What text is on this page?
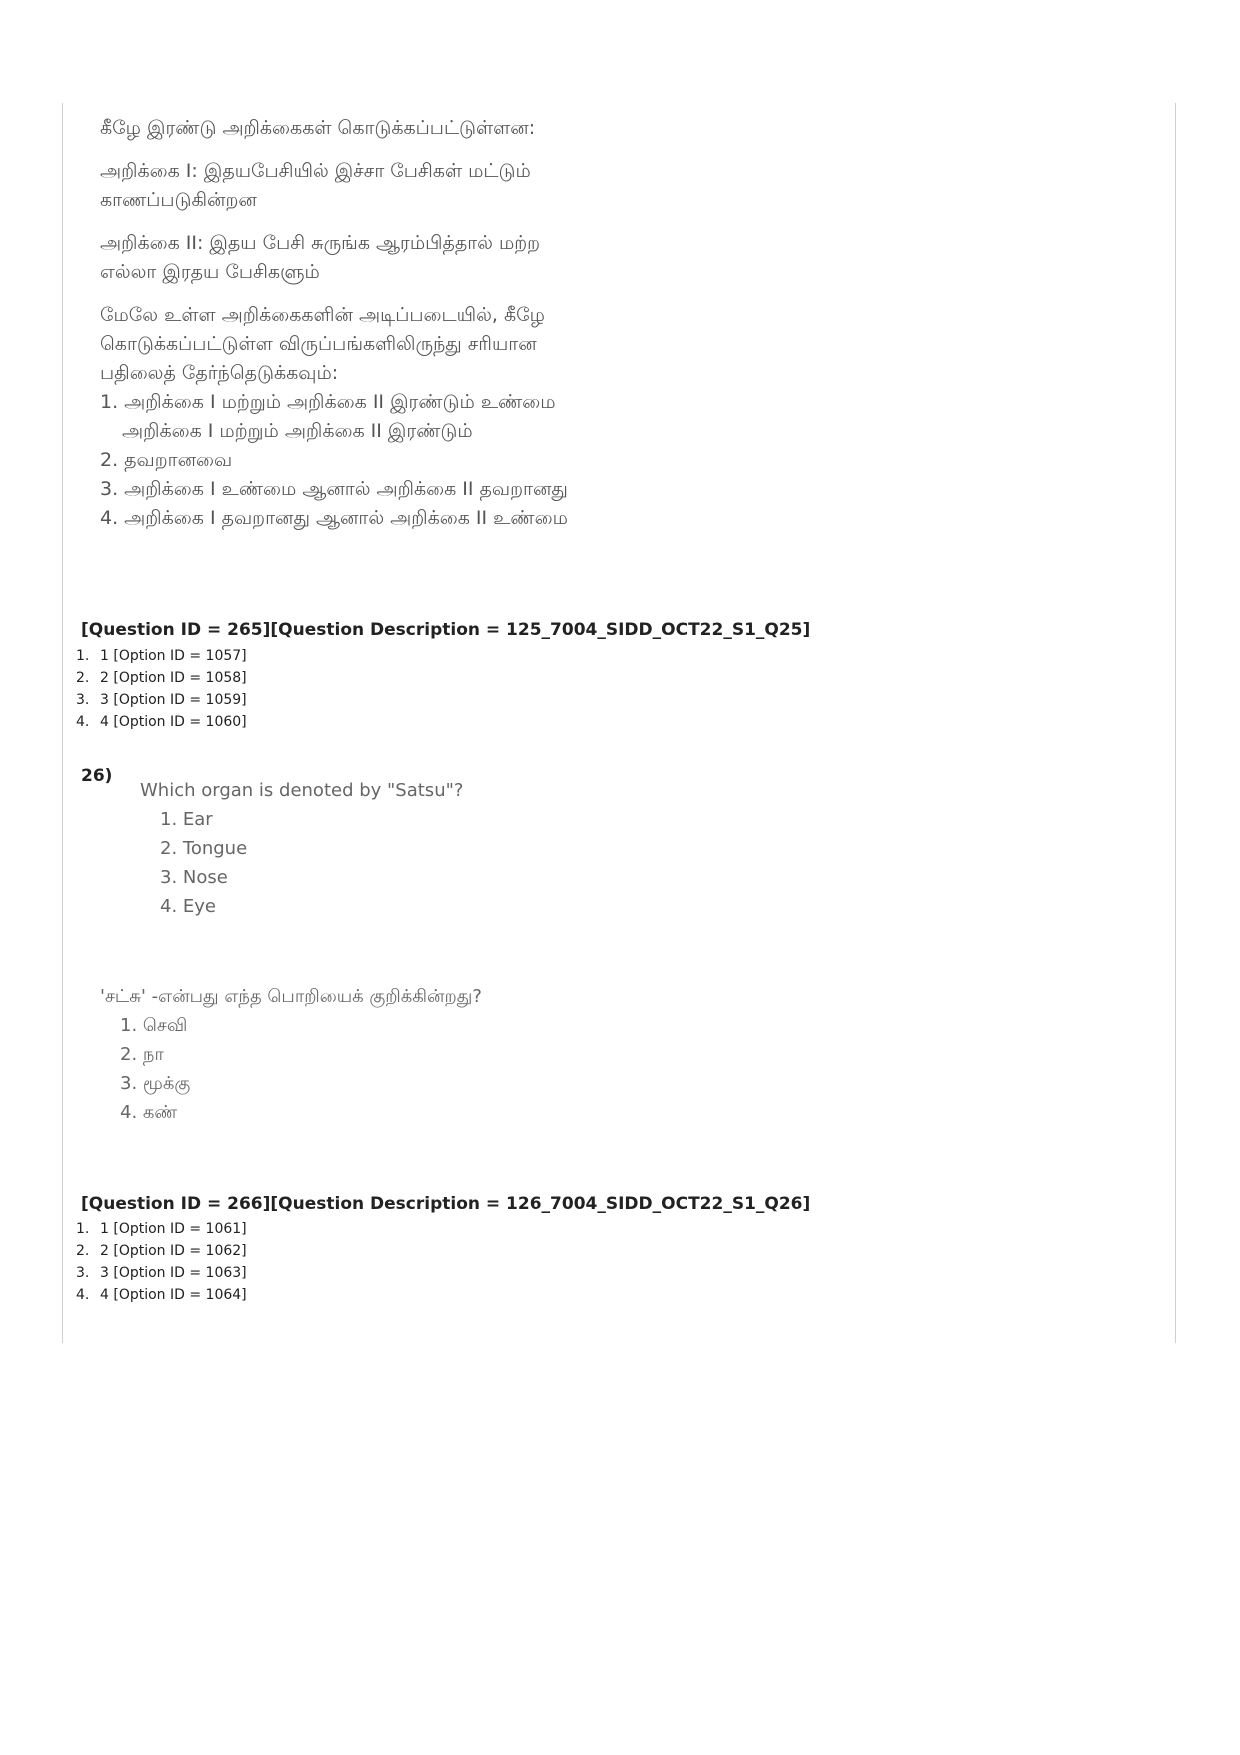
கீழே இரண்டு அறிக்கைகள் கொடுக்கப்பட்டுள்ளன:

அறிக்கை I: இதயபேசியில் இச்சா பேசிகள் மட்டும்

காணப்படுகின்றன

அறிக்கை II: இதய பேசி சுருங்க ஆரம்பித்தால் மற்ற

எல்லா இரதய பேசிகளும்

மேலே உள்ள அறிக்கைகளின் அடிப்படையில், கீழே

கொடுக்கப்பட்டுள்ள விருப்பங்களிலிருந்து சரியான

பதிலைத் தேர்ந்தெடுக்கவும்:

1. அறிக்கை I மற்றும் அறிக்கை II இரண்டும் உண்மை
அறிக்கை I மற்றும் அறிக்கை II இரண்டும்
2. தவறானவை
3. அறிக்கை I உண்மை ஆனால் அறிக்கை II தவறானது
4. அறிக்கை I தவறானது ஆனால் அறிக்கை II உண்மை
[Question ID = 265][Question Description = 125_7004_SIDD_OCT22_S1_Q25]
1. 1 [Option ID = 1057]
2. 2 [Option ID = 1058]
3. 3 [Option ID = 1059]
4. 4 [Option ID = 1060]
26)

Which organ is denoted by "Satsu"?

1. Ear
2. Tongue
3. Nose
4. Eye

'சட்சு' -என்பது எந்த பொறியைக் குறிக்கின்றது?

1. செவி
2. நா
3. மூக்கு
4. கண்
[Question ID = 266][Question Description = 126_7004_SIDD_OCT22_S1_Q26]
1. 1 [Option ID = 1061]
2. 2 [Option ID = 1062]
3. 3 [Option ID = 1063]
4. 4 [Option ID = 1064]
